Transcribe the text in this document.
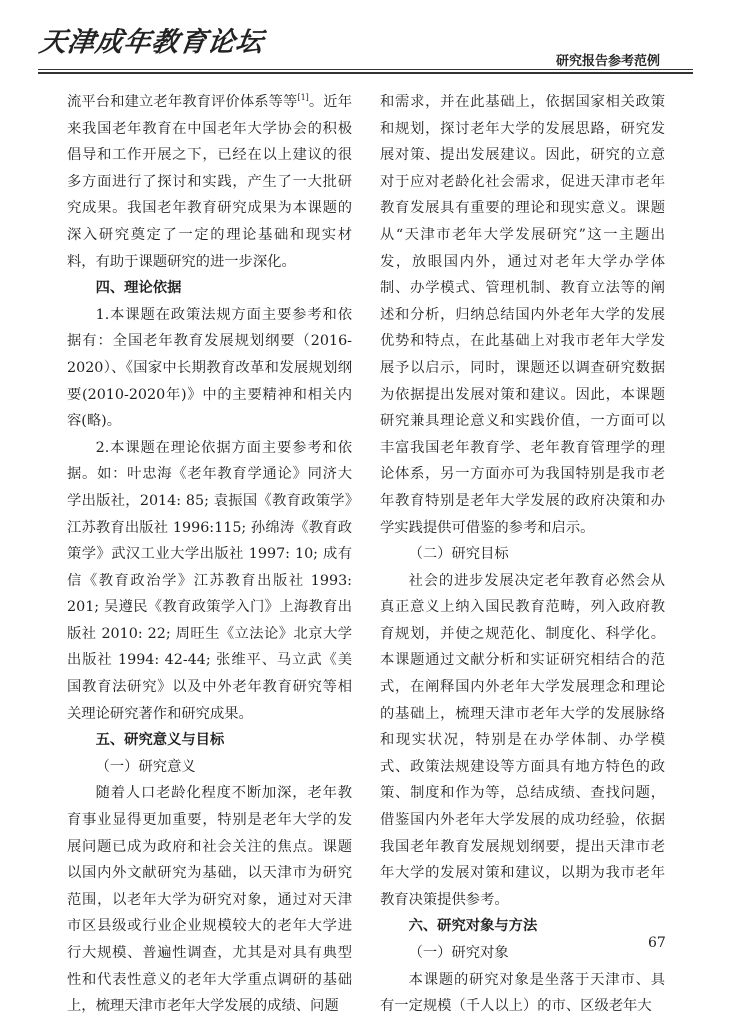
天津成年教育论坛
研究报告参考范例

流平台和建立老年教育评价体系等等[1]。近年来我国老年教育在中国老年大学协会的积极倡导和工作开展之下，已经在以上建议的很多方面进行了探讨和实践，产生了一大批研究成果。我国老年教育研究成果为本课题的深入研究奠定了一定的理论基础和现实材料，有助于课题研究的进一步深化。

四、理论依据

1.本课题在政策法规方面主要参考和依据有：全国老年教育发展规划纲要（2016-2020）、《国家中长期教育改革和发展规划纲要(2010-2020年)》中的主要精神和相关内容(略)。

2.本课题在理论依据方面主要参考和依据。如：叶忠海《老年教育学通论》同济大学出版社，2014: 85; 袁振国《教育政策学》江苏教育出版社 1996:115; 孙绵涛《教育政策学》武汉工业大学出版社 1997: 10; 成有信《教育政治学》江苏教育出版社 1993: 201; 吴遵民《教育政策学入门》上海教育出版社 2010: 22; 周旺生《立法论》北京大学出版社 1994: 42-44; 张维平、马立武《美国教育法研究》以及中外老年教育研究等相关理论研究著作和研究成果。

五、研究意义与目标

（一）研究意义

随着人口老龄化程度不断加深，老年教育事业显得更加重要，特别是老年大学的发展问题已成为政府和社会关注的焦点。课题以国内外文献研究为基础，以天津市为研究范围，以老年大学为研究对象，通过对天津市区县级或行业企业规模较大的老年大学进行大规模、普遍性调查，尤其是对具有典型性和代表性意义的老年大学重点调研的基础上，梳理天津市老年大学发展的成绩、问题

和需求，并在此基础上，依据国家相关政策和规划，探讨老年大学的发展思路，研究发展对策、提出发展建议。因此，研究的立意对于应对老龄化社会需求，促进天津市老年教育发展具有重要的理论和现实意义。课题从“天津市老年大学发展研究”这一主题出发，放眼国内外，通过对老年大学办学体制、办学模式、管理机制、教育立法等的阐述和分析，归纳总结国内外老年大学的发展优势和特点，在此基础上对我市老年大学发展予以启示，同时，课题还以调查研究数据为依据提出发展对策和建议。因此，本课题研究兼具理论意义和实践价值，一方面可以丰富我国老年教育学、老年教育管理学的理论体系，另一方面亦可为我国特别是我市老年教育特别是老年大学发展的政府决策和办学实践提供可借鉴的参考和启示。

（二）研究目标

社会的进步发展决定老年教育必然会从真正意义上纳入国民教育范畴，列入政府教育规划，并使之规范化、制度化、科学化。本课题通过文献分析和实证研究相结合的范式，在阐释国内外老年大学发展理念和理论的基础上，梳理天津市老年大学的发展脉络和现实状况，特别是在办学体制、办学模式、政策法规建设等方面具有地方特色的政策、制度和作为等，总结成绩、查找问题，借鉴国内外老年大学发展的成功经验，依据我国老年教育发展规划纲要，提出天津市老年大学的发展对策和建议，以期为我市老年教育决策提供参考。

六、研究对象与方法

（一）研究对象

本课题的研究对象是坐落于天津市、具有一定规模（千人以上）的市、区级老年大

67
